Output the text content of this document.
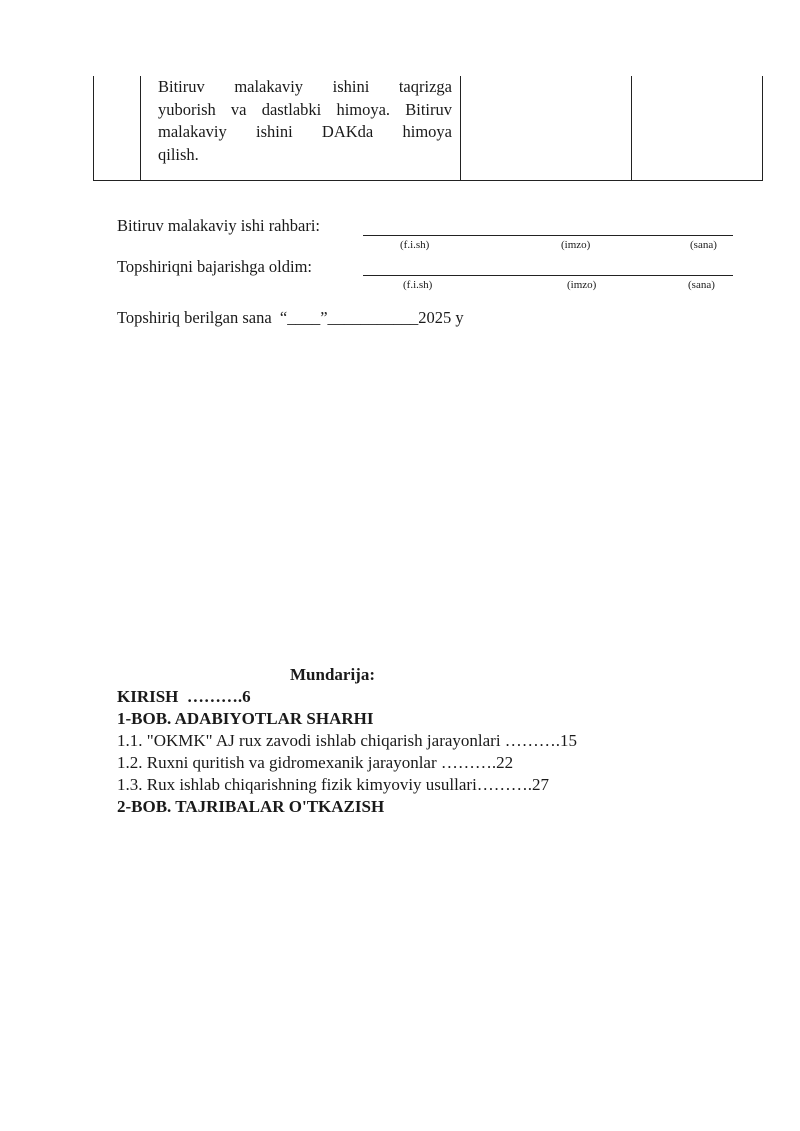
Bitiruv malakaviy ishini taqrizga
yuborish va dastlabki himoya. Bitiruv
malakaviy ishini DAKda himoya
qilish.
Bitiruv malakaviy ishi rahbari:
(f.i.sh)	(imzo)	(sana)
Topshiriqni bajarishga oldim:
(f.i.sh)	(imzo)	(sana)
Topshiriq berilgan sana  “____”___________2025 y
Mundarija:
KIRISH  ……….6
1-BOB. ADABIYOTLAR SHARHI
1.1. "OKMK" AJ rux zavodi ishlab chiqarish jarayonlari ……….15
1.2. Ruxni quritish va gidromexanik jarayonlar ……….22
1.3. Rux ishlab chiqarishning fizik kimyoviy usullari……….27
2-BOB. TAJRIBALAR O'TKAZISH
